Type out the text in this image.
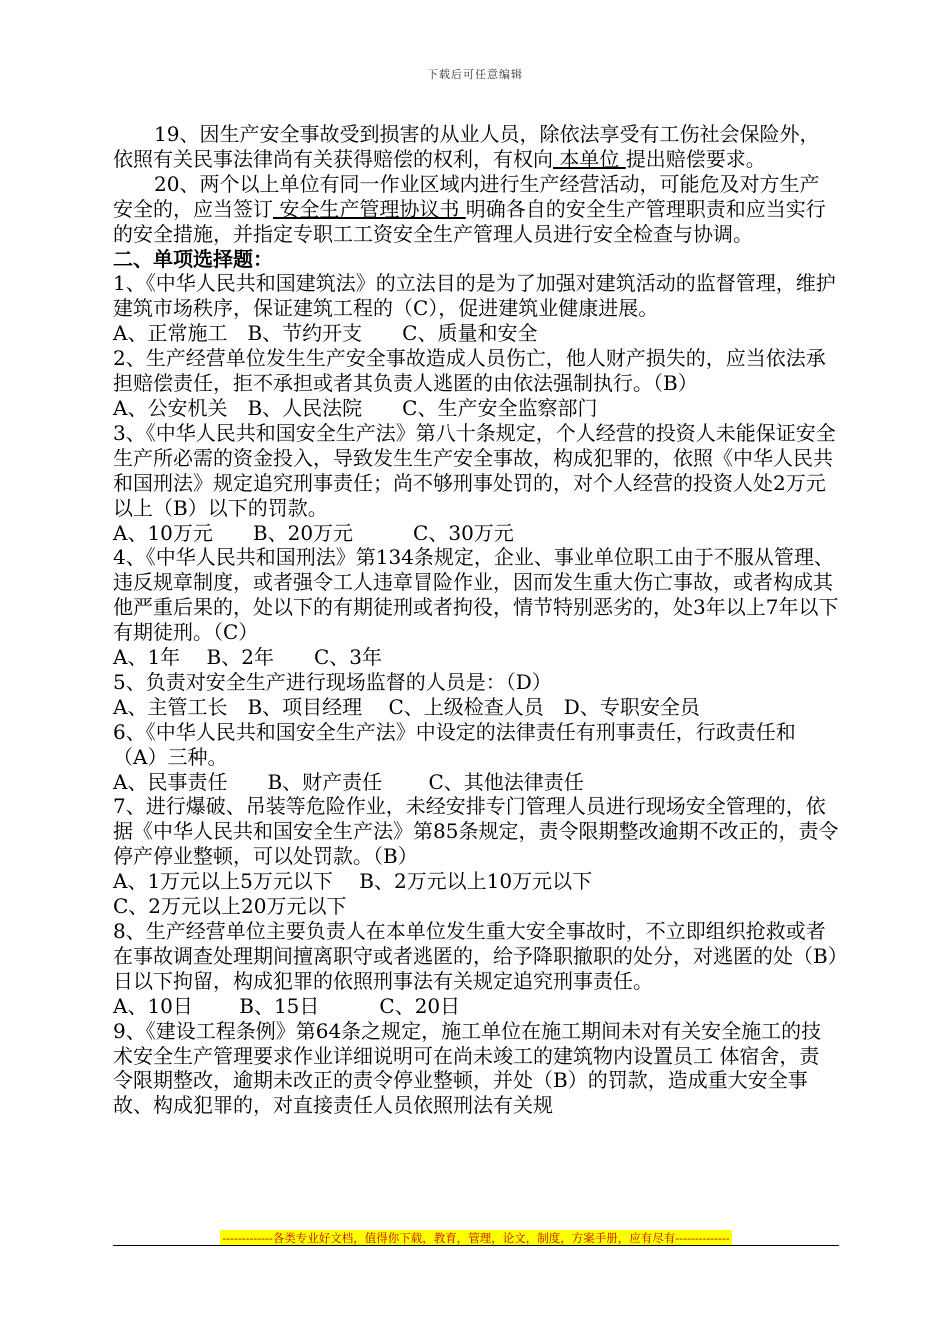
下载后可任意编辑

19、因生产安全事故受到损害的从业人员，除依法享受有工伤社会保险外，依照有关民事法律尚有关获得赔偿的权利，有权向 本单位 提出赔偿要求。

20、两个以上单位有同一作业区域内进行生产经营活动，可能危及对方生产安全的，应当签订 安全生产管理协议书 明确各自的安全生产管理职责和应当实行的安全措施，并指定专职工工资安全生产管理人员进行安全检查与协调。

二、单项选择题：

1、《中华人民共和国建筑法》的立法目的是为了加强对建筑活动的监督管理，维护建筑市场秩序，保证建筑工程的（C），促进建筑业健康进展。

A、正常施工　B、节约开支　　C、质量和安全

2、生产经营单位发生生产安全事故造成人员伤亡，他人财产损失的，应当依法承担赔偿责任，拒不承担或者其负责人逃匿的由依法强制执行。（B）

A、公安机关　B、人民法院　　C、生产安全监察部门

3、《中华人民共和国安全生产法》第八十条规定，个人经营的投资人未能保证安全生产所必需的资金投入，导致发生生产安全事故，构成犯罪的，依照《中华人民共和国刑法》规定追究刑事责任；尚不够刑事处罚的，对个人经营的投资人处2万元以上（B）以下的罚款。

A、10万元　　B、20万元　　　C、30万元

4、《中华人民共和国刑法》第134条规定，企业、事业单位职工由于不服从管理、违反规章制度，或者强令工人违章冒险作业，因而发生重大伤亡事故，或者构成其他严重后果的，处以下的有期徒刑或者拘役，情节特别恶劣的，处3年以上7年以下有期徒刑。（C）

A、1年　 B、2年　　C、3年

5、负责对安全生产进行现场监督的人员是：（D）

A、主管工长　B、项目经理　 C、上级检查人员　D、专职安全员

6、《中华人民共和国安全生产法》中设定的法律责任有刑事责任，行政责任和（A）三种。

A、民事责任　　B、财产责任　　 C、其他法律责任

7、进行爆破、吊装等危险作业，未经安排专门管理人员进行现场安全管理的，依据《中华人民共和国安全生产法》第85条规定，责令限期整改逾期不改正的，责令停产停业整顿，可以处罚款。（B）

A、1万元以上5万元以下　 B、2万元以上10万元以下

C、2万元以上20万元以下

8、生产经营单位主要负责人在本单位发生重大安全事故时，不立即组织抢救或者在事故调查处理期间擅离职守或者逃匿的，给予降职撤职的处分，对逃匿的处（B）日以下拘留，构成犯罪的依照刑事法有关规定追究刑事责任。

A、10日　　 B、15日　　　C、20日

9、《建设工程条例》第64条之规定，施工单位在施工期间未对有关安全施工的技术安全生产管理要求作业详细说明可在尚未竣工的建筑物内设置员工 体宿舍，责令限期整改，逾期未改正的责令停业整顿，并处（B）的罚款，造成重大安全事故、构成犯罪的，对直接责任人员依照刑法有关规

-------------各类专业好文档，值得你下载，教育，管理，论文，制度，方案手册，应有尽有--------------
